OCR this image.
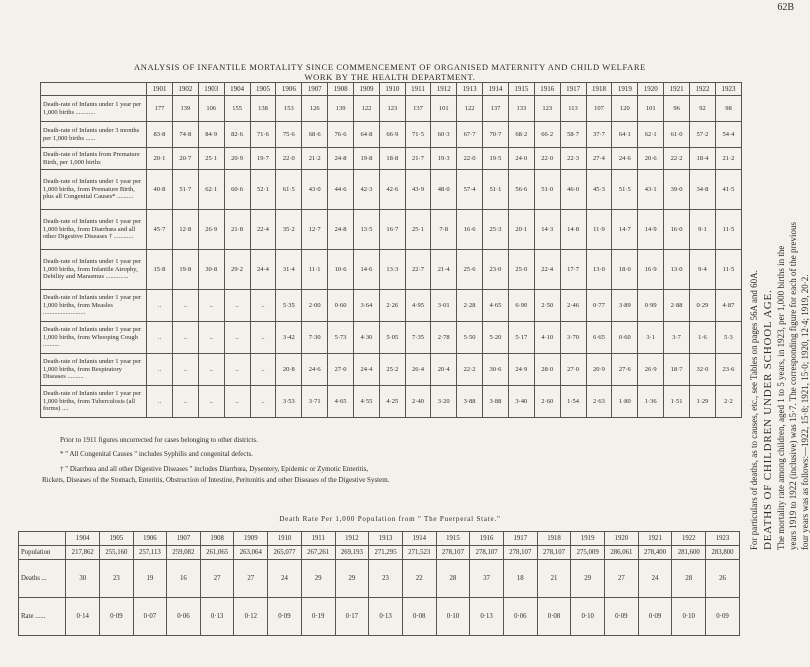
62B
ANALYSIS OF INFANTILE MORTALITY SINCE COMMENCEMENT OF ORGANISED MATERNITY AND CHILD WELFARE
WORK BY THE HEALTH DEPARTMENT.
	1901	1902	1903	1904	1905	1906	1907	1908	1909	1910	1911	1912	1913	1914	1915	1916	1917	1918	1919	1920	1921	1922	1923
Death-rate of Infants under 1 year per 1,000 births ............	177	139	106	155	138	153	126	139	122	123	137	101	122	137	133	123	113	107	120	101	96	92	98
Death-rate of Infants under 3 months per 1,000 births ......	83·8	74·8	84·9	82·6	71·6	75·6	68·6	76·6	64·8	66·9	71·5	60·3	67·7	70·7	68·2	66·2	58·7	37·7	64·1	62·1	61·0	57·2	54·4
Death-rate of Infants from Premature Birth, per 1,000 births	20·1	20·7	25·1	20·9	19·7	22·0	21·2	24·8	19·8	18·8	21·7	19·3	22·0	19·5	24·0	22·0	22·3	27·4	24·6	20·6	22·2	18·4	21·2
Death-rate of Infants under 1 year per 1,000 births, from Premature Birth, plus all Congenital Causes* ..........	40·8	51·7	62·1	60·6	52·1	61·5	43·0	44·6	42·3	42·6	43·9	48·0	57·4	51·1	56·6	51·0	46·0	45·3	51·5	43·1	39·0	34·8	41·5
Death-rate of Infants under 1 year per 1,000 births, from Diarrhœa and all other Digestive Diseases † ............	45·7	12·8	26·9	21·8	22·4	35·2	12·7	24·8	13·5	16·7	25·1	7·8	16·6	25·3	20·1	14·3	14·8	11·9	14·7	14·9	16·0	9·1	11·5
Death-rate of Infants under 1 year per 1,000 births, from Infantile Atrophy, Debility and Marasmus ..............	15·8	19·8	30·8	29·2	24·4	31·4	11·1	10·6	14·6	13·3	22·7	21·4	25·6	23·0	25·0	22·4	17·7	13·0	18·0	16·9	13·0	9·4	11·5
Death-rate of Infants under 1 year per 1,000 births, from Measles ..........................	..	..	..	..	..	5·35	2·00	0·60	3·64	2·26	4·95	3·01	2·28	4·65	6·90	2·50	2·46	0·77	3·89	0·99	2·88	0·29	4·87
Death-rate of Infants under 1 year per 1,000 births, from Whooping Cough ..........	..	..	..	..	..	3·42	7·30	5·73	4·30	5·05	7·35	2·78	5·50	5·20	5·17	4·10	3·70	6·65	0·60	3·1	3·7	1·6	5·3
Death-rate of Infants under 1 year per 1,000 births, from Respiratory Diseases ..........	..	..	..	..	..	20·8	24·6	27·0	24·4	25·2	26·4	20·4	22·2	30·6	24·9	28·0	27·0	20·9	27·6	26·9	18·7	32·0	23·6
Death-rate of Infants under 1 year per 1,000 births, from Tuberculosis (all forms) ....	..	..	..	..	..	3·53	3·71	4·65	4·55	4·25	2·40	3·20	3·88	3·88	3·40	2·60	1·54	2·63	1·80	1·36	1·51	1·29	2·2
Prior to 1911 figures uncorrected for cases belonging to other districts.
* " All Congenital Causes " includes Syphilis and congenital defects.
† " Diarrhœa and all other Digestive Diseases " includes Diarrhœa, Dysentery, Epidemic or Zymotic Enteritis,
Rickets, Diseases of the Stomach, Enteritis, Obstruction of Intestine, Peritonitis and other Diseases of the Digestive System.
Death Rate Per 1,000 Population from " The Puerperal State."
	1904	1905	1906	1907	1908	1909	1910	1911	1912	1913	1914	1915	1916	1917	1918	1919	1920	1921	1922	1923
Population	217,862	255,160	257,113	259,082	261,065	263,064	265,077	267,261	269,193	271,295	271,523	278,107	278,107	278,107	278,107	275,009	286,061	278,400	281,600	283,800
Deaths ...	30	23	19	16	27	27	24	29	29	23	22	28	37	18	21	29	27	24	28	26
Rate ......	0·14	0·09	0·07	0·06	0·13	0·12	0·09	0·19	0·17	0·13	0·08	0·10	0·13	0·06	0·08	0·10	0·09	0·09	0·10	0·09
For particulars of deaths, as to causes, etc., see Tables on pages 56A and 60A. DEATHS OF CHILDREN UNDER SCHOOL AGE. The mortality rate among children, aged 1 to 5 years, in 1923, per 1,000 births in the years 1919 to 1922 (inclusive) was 15·7. The corresponding figure for each of the previous four years was as follows:—1922, 15·8; 1921, 15·0; 1920, 12·4; 1919, 20·2.
